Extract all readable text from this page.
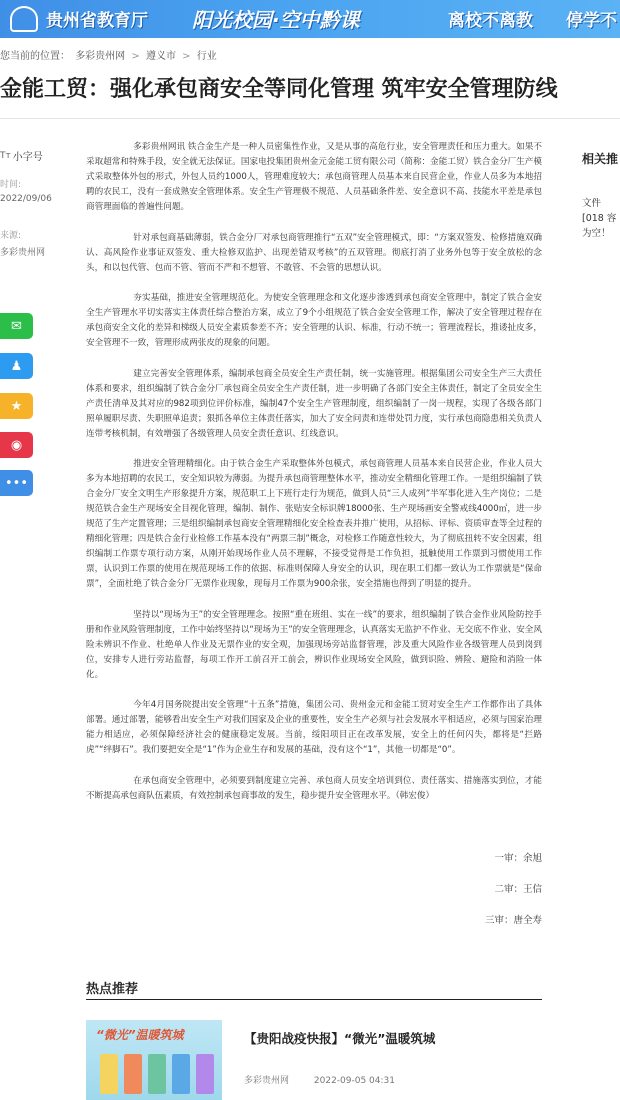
贵州省教育厅 阳光校园·空中黔课	离校不离教 停学不
您当前的位置： 多彩贵州网 > 遵义市 > 行业
金能工贸：强化承包商安全等同化管理 筑牢安全管理防线
Tт 小字号
时间:
2022/09/06
来源:
多彩贵州网
✉
♟
★
◉
•••

多彩贵州网讯 铁合金生产是一种人员密集性作业，又是从事的高危行业，安全管理责任和压力重大。如果不采取超常和特殊手段，安全就无法保证。国家电投集团贵州金元金能工贸有限公司（简称：金能工贸）铁合金分厂生产模式采取整体外包的形式，外包人员约1000人，管理难度较大；承包商管理人员基本来自民营企业，作业人员多为本地招聘的农民工，没有一套成熟安全管理体系。安全生产管理极不规范、人员基础条件差、安全意识不高、技能水平差是承包商管理面临的普遍性问题。

针对承包商基础薄弱，铁合金分厂对承包商管理推行“五双”安全管理模式，即：“方案双签发、检修措施双确认、高风险作业事证双签发、重大检修双监护、出现差错双考核”的五双管理。彻底打消了业务外包等于安全放松的念头，和以包代管、包而不管、管而不严和不想管、不敢管、不会管的思想认识。

夯实基础，推进安全管理规范化。为使安全管理理念和文化逐步渗透到承包商安全管理中，制定了铁合金安全生产管理水平切实落实主体责任综合整治方案，成立了9个小组规范了铁合金安全管理工作，解决了安全管理过程存在承包商安全文化的差异和梯级人员安全素质参差不齐；安全管理的认识、标准，行动不统一；管理流程长，推诿扯皮多，安全管理不一致，管理形成两张皮的现象的问题。

建立完善安全管理体系，编制承包商全员安全生产责任制，统一实施管理。根据集团公司安全生产三大责任体系和要求，组织编制了铁合金分厂承包商全员安全生产责任制，进一步明确了各部门安全主体责任，制定了全员安全生产责任清单及其对应的982项到位评价标准，编制47个安全生产管理制度，组织编制了一岗一规程，实现了各级各部门照单履职尽责、失职照单追责；狠抓各单位主体责任落实，加大了安全问责和连带处罚力度，实行承包商隐患相关负责人连带考核机制，有效增强了各级管理人员安全责任意识、红线意识。

推进安全管理精细化。由于铁合金生产采取整体外包模式，承包商管理人员基本来自民营企业，作业人员大多为本地招聘的农民工，安全知识较为薄弱。为提升承包商管理整体水平，推动安全精细化管理工作。一是组织编制了铁合金分厂安全文明生产形象提升方案，规范职工上下班行走行为规范，做到人员“三人成列”半军事化进入生产岗位；二是规范铁合金生产现场安全目视化管理，编制、制作、张贴安全标识牌18000张、生产现场画安全警戒线4000㎡，进一步规范了生产定置管理；三是组织编制承包商安全管理精细化安全检查表并推广使用，从招标、评标、资质审查等全过程的精细化管理；四是铁合金行业检修工作基本没有“两票三制”概念，对检修工作随意性较大，为了彻底扭转不安全因素，组织编制工作票专项行动方案，从刚开始现场作业人员不理解，不接受觉得是工作负担，抵触使用工作票到习惯使用工作票，认识到工作票的使用在规范现场工作的依据、标准则保障人身安全的认识，现在职工们都一致认为工作票就是“保命票”，全面杜绝了铁合金分厂无票作业现象，现每月工作票为900余张，安全措施也得到了明显的提升。

坚持以“现场为王”的安全管理理念。按照“重在班组、实在一线”的要求，组织编制了铁合金作业风险防控手册和作业风险管理制度，工作中始终坚持以“现场为王”的安全管理理念，认真落实无监护不作业、无交底不作业、安全风险未辨识不作业、杜绝单人作业及无票作业的安全观，加强现场旁站监督管理，涉及重大风险作业各级管理人员到岗到位，安排专人进行旁站监督，每项工作开工前召开工前会，辨识作业现场安全风险，做到识险、辨险、避险和消险一体化。

今年4月国务院提出安全管理“十五条”措施，集团公司、贵州金元和金能工贸对安全生产工作都作出了具体部署。通过部署，能够看出安全生产对我们国家及企业的重要性，安全生产必须与社会发展水平相适应，必须与国家治理能力相适应，必须保障经济社会的健康稳定发展。当前，绥阳项目正在改革发展，安全上的任何闪失，都将是“拦路虎”“绊脚石”。我们要把安全是“1”作为企业生存和发展的基础，没有这个“1”，其他一切都是“0”。

在承包商安全管理中，必须要到制度建立完善、承包商人员安全培训到位、责任落实、措施落实到位，才能不断提高承包商队伍素质，有效控制承包商事故的发生，稳步提升安全管理水平。（韩宏俊）

一审：余旭
二审：王信
三审：唐全寿
相关推
文件[018 容为空！
热点推荐
“微光”温暖筑城	【贵阳战疫快报】“微光”温暖筑城
多彩贵州网	2022-09-05 04:31
